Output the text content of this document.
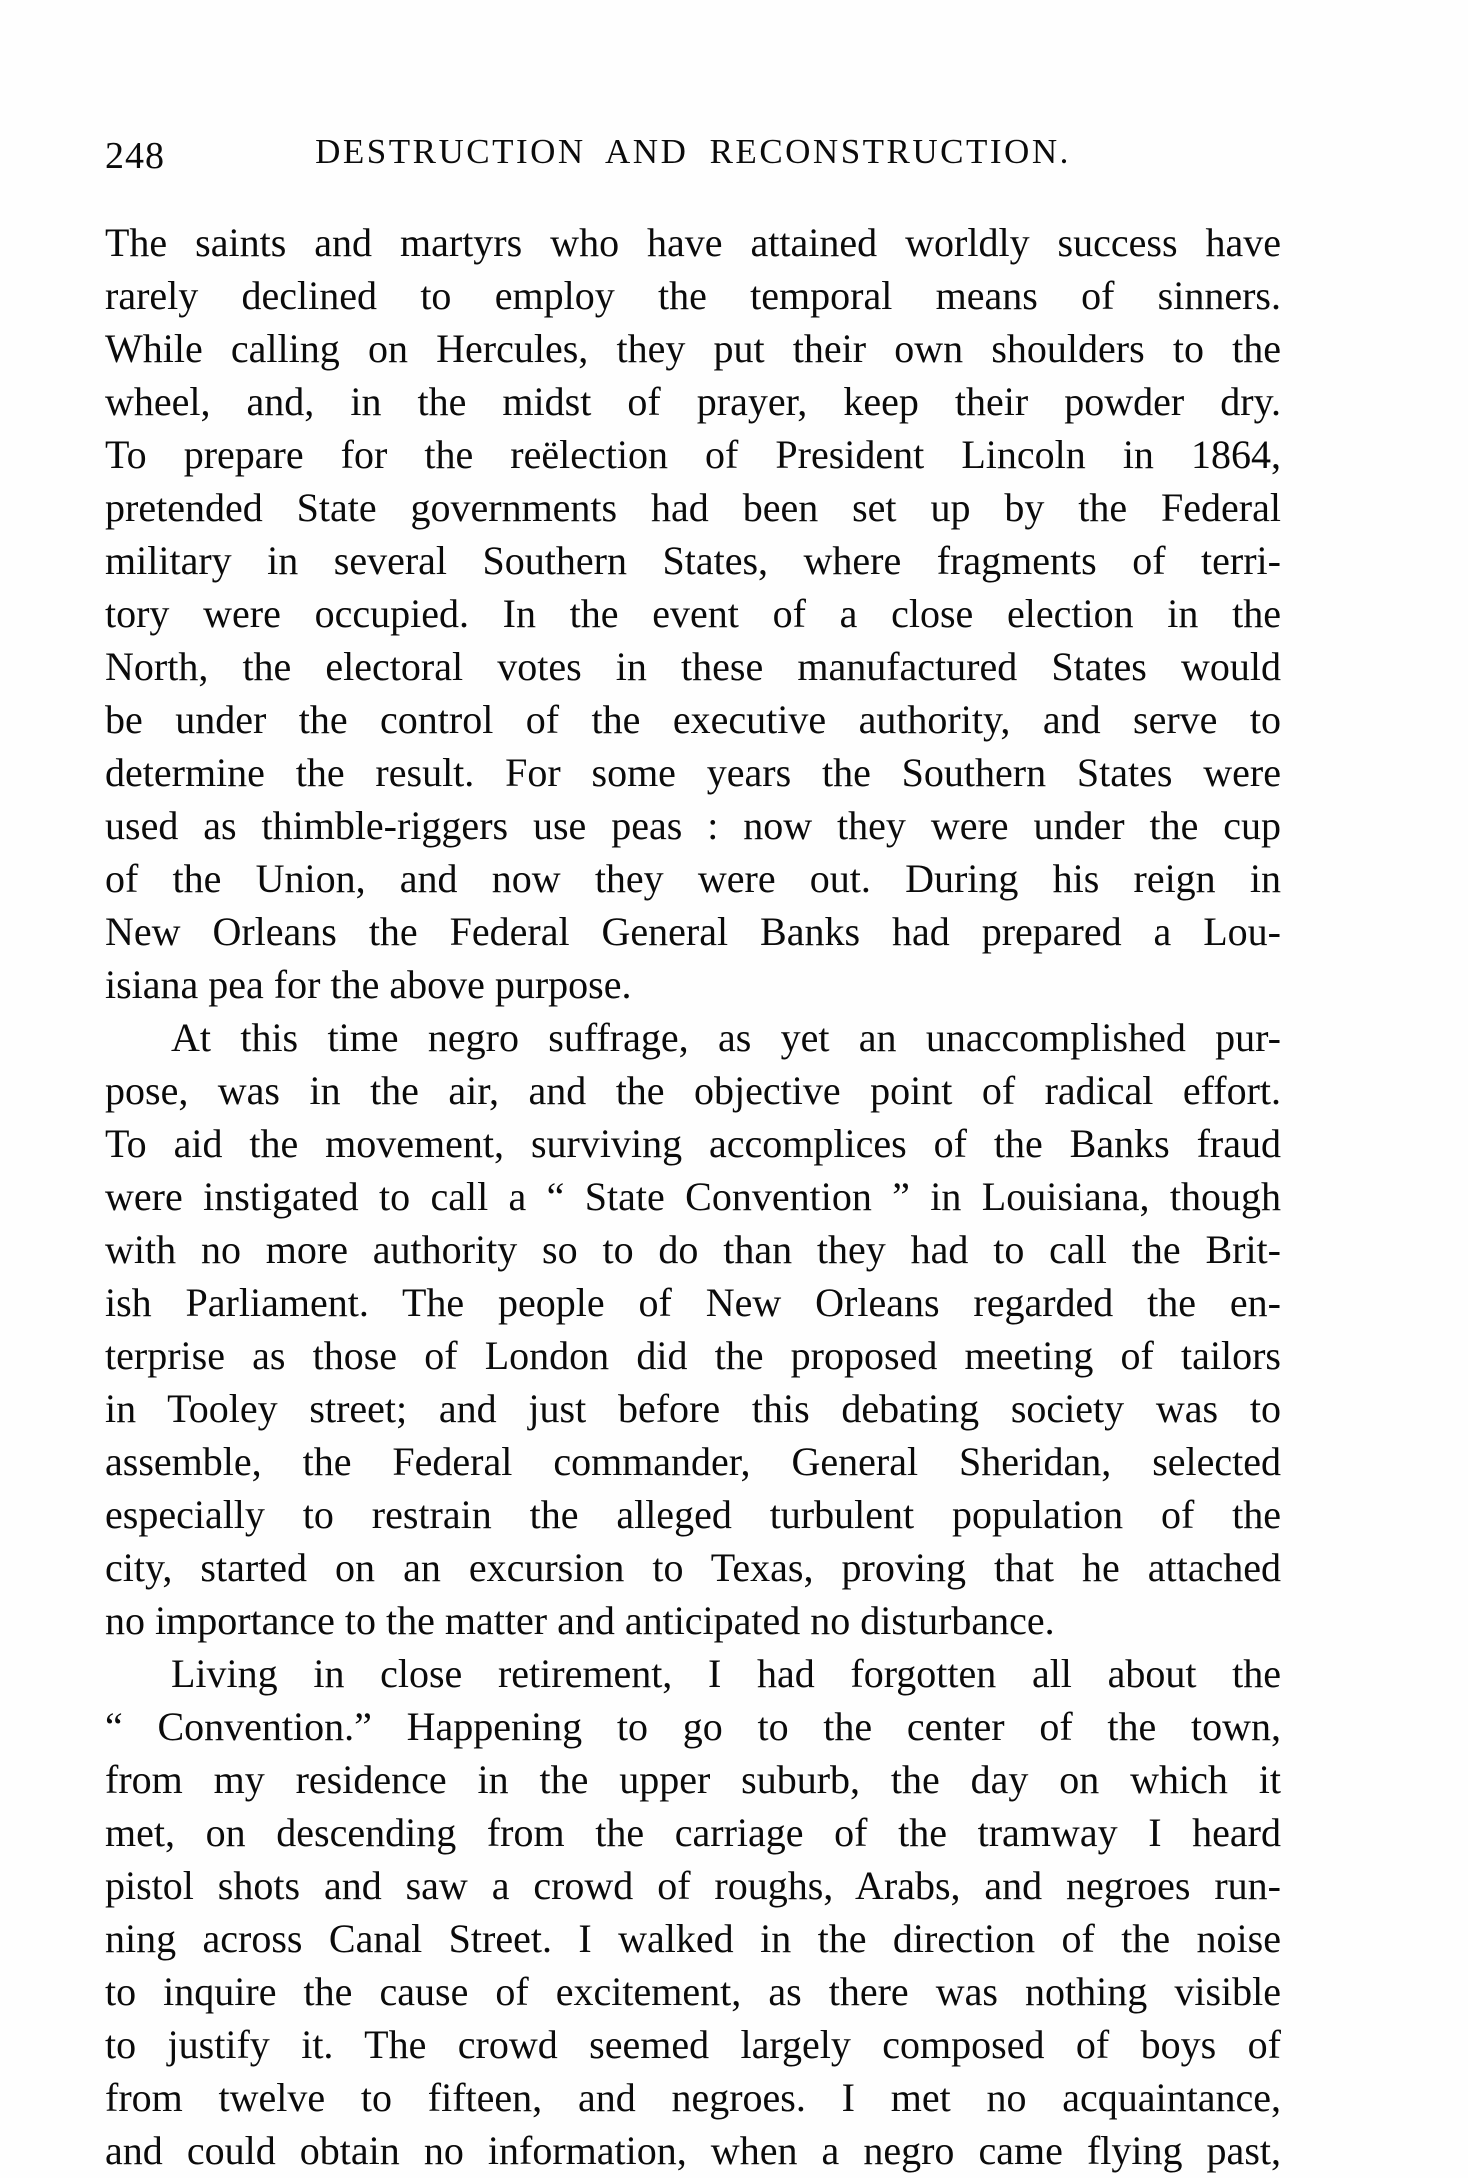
248	DESTRUCTION AND RECONSTRUCTION.
The saints and martyrs who have attained worldly success have
rarely declined to employ the temporal means of sinners.
While calling on Hercules, they put their own shoulders to the
wheel, and, in the midst of prayer, keep their powder dry.
To prepare for the reëlection of President Lincoln in 1864,
pretended State governments had been set up by the Federal
military in several Southern States, where fragments of terri-
tory were occupied. In the event of a close election in the
North, the electoral votes in these manufactured States would
be under the control of the executive authority, and serve to
determine the result. For some years the Southern States were
used as thimble-riggers use peas : now they were under the cup
of the Union, and now they were out. During his reign in
New Orleans the Federal General Banks had prepared a Lou-
isiana pea for the above purpose.
At this time negro suffrage, as yet an unaccomplished pur-
pose, was in the air, and the objective point of radical effort.
To aid the movement, surviving accomplices of the Banks fraud
were instigated to call a “ State Convention ” in Louisiana, though
with no more authority so to do than they had to call the Brit-
ish Parliament. The people of New Orleans regarded the en-
terprise as those of London did the proposed meeting of tailors
in Tooley street; and just before this debating society was to
assemble, the Federal commander, General Sheridan, selected
especially to restrain the alleged turbulent population of the
city, started on an excursion to Texas, proving that he attached
no importance to the matter and anticipated no disturbance.
Living in close retirement, I had forgotten all about the
“ Convention.” Happening to go to the center of the town,
from my residence in the upper suburb, the day on which it
met, on descending from the carriage of the tramway I heard
pistol shots and saw a crowd of roughs, Arabs, and negroes run-
ning across Canal Street. I walked in the direction of the noise
to inquire the cause of excitement, as there was nothing visible
to justify it. The crowd seemed largely composed of boys of
from twelve to fifteen, and negroes. I met no acquaintance,
and could obtain no information, when a negro came flying past,
